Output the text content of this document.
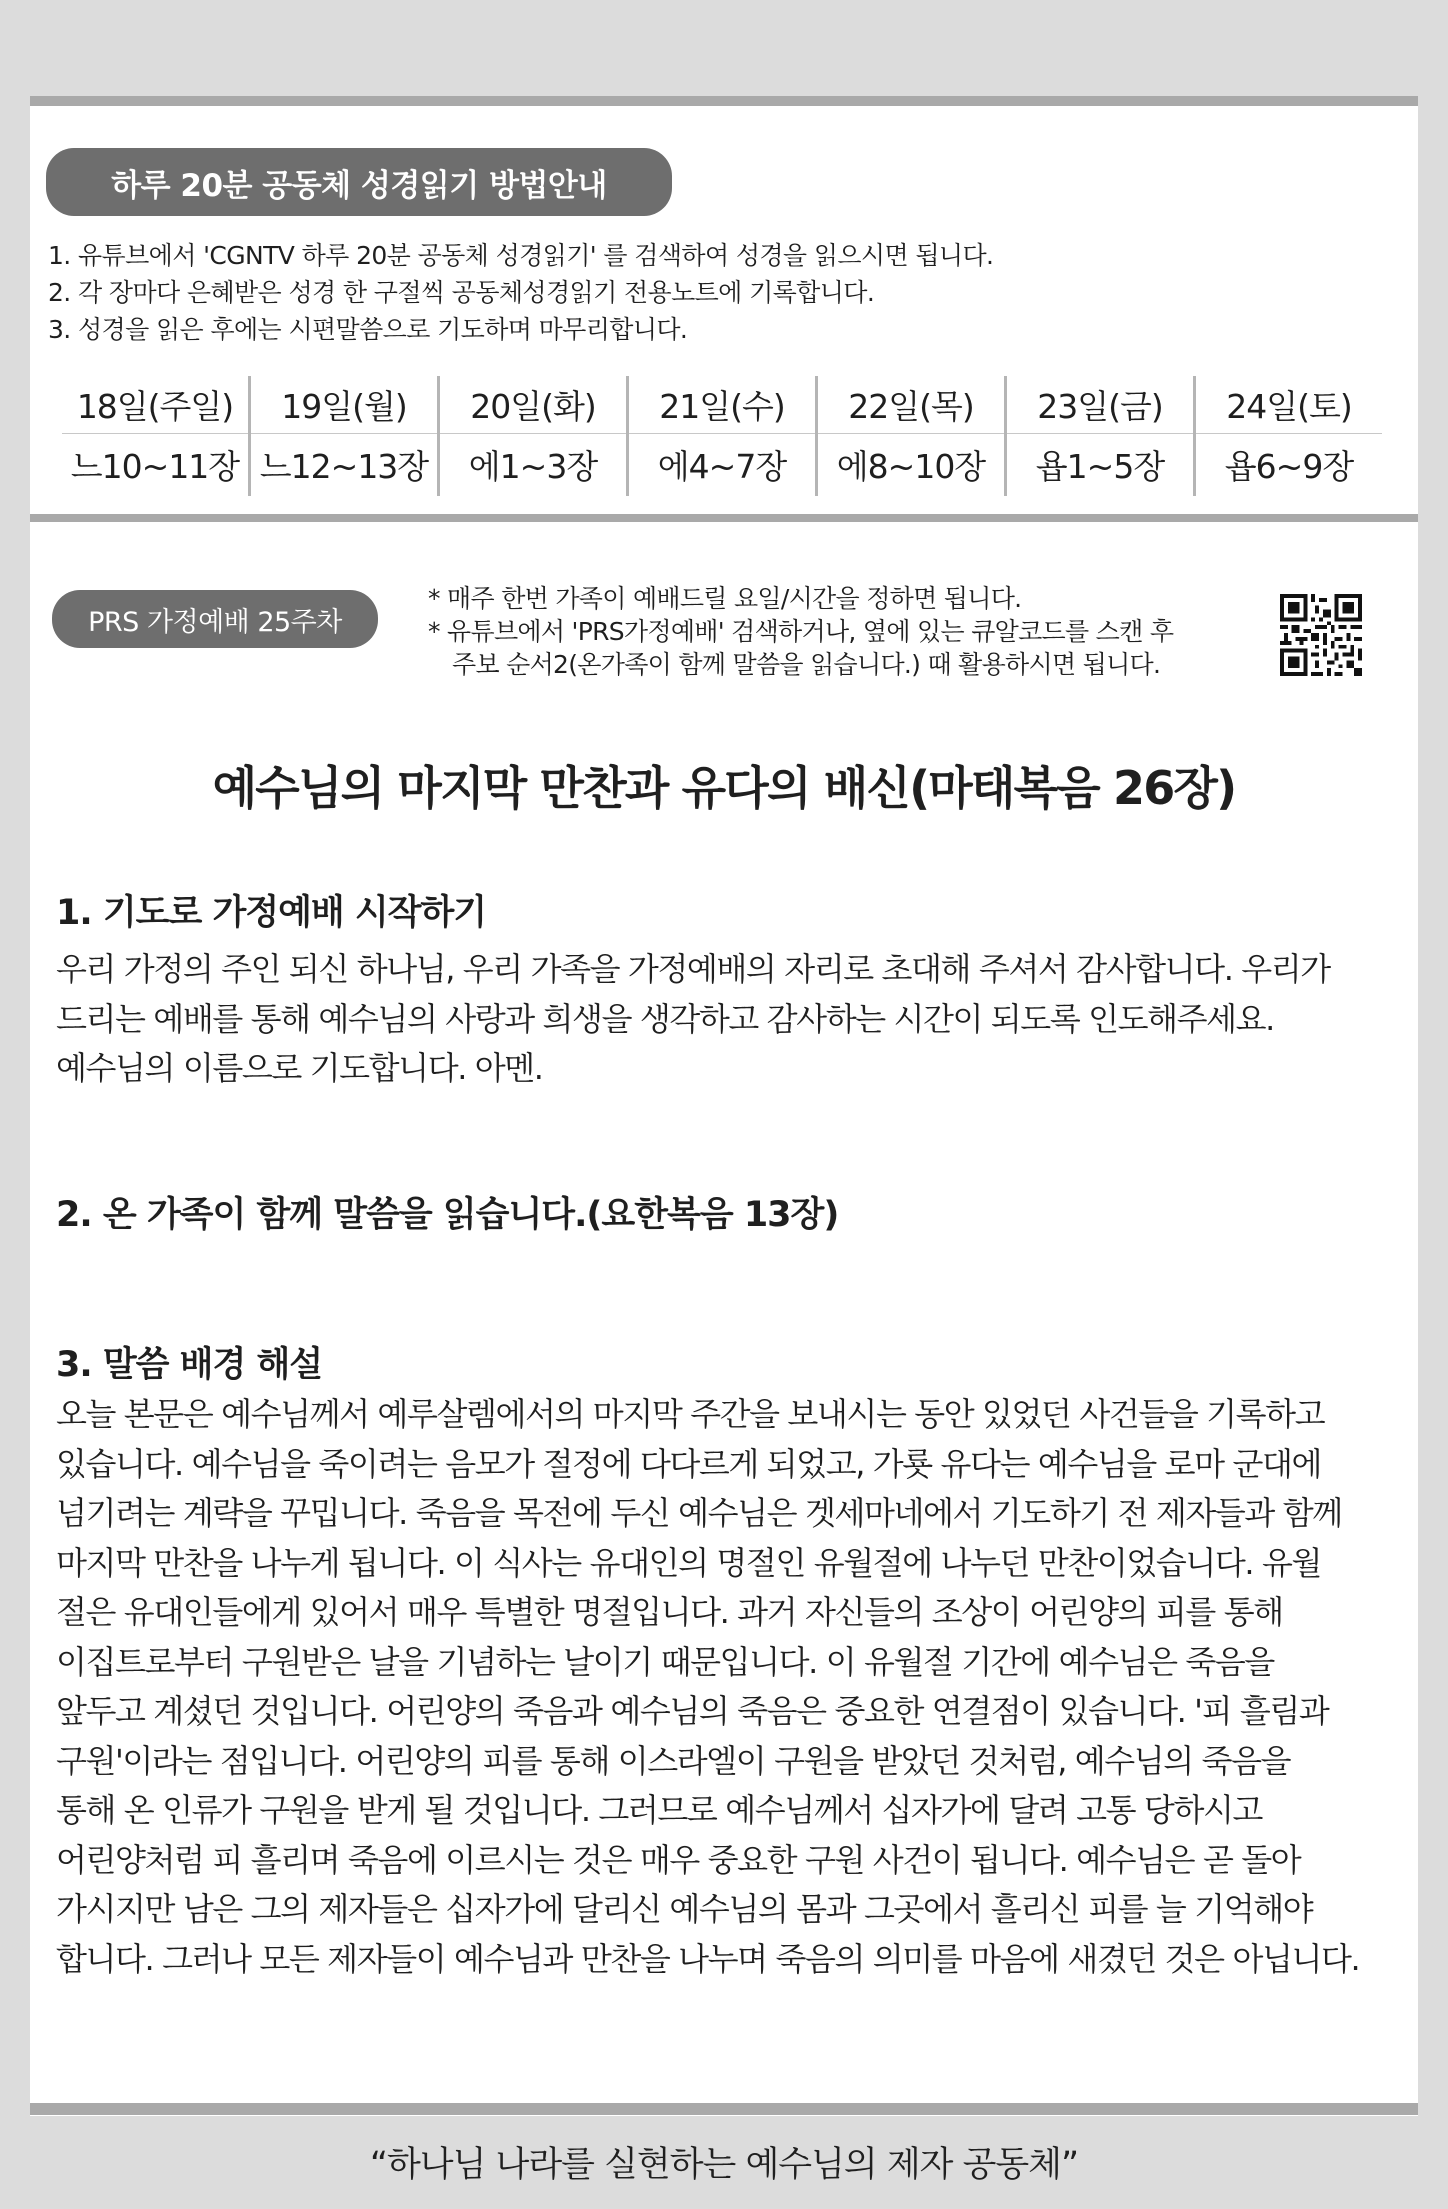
하루 20분 공동체 성경읽기 방법안내
1. 유튜브에서 'CGNTV 하루 20분 공동체 성경읽기' 를 검색하여 성경을 읽으시면 됩니다.
2. 각 장마다 은혜받은 성경 한 구절씩 공동체성경읽기 전용노트에 기록합니다.
3. 성경을 읽은 후에는 시편말씀으로 기도하며 마무리합니다.
18일(주일)
느10~11장
19일(월)
느12~13장
20일(화)
에1~3장
21일(수)
에4~7장
22일(목)
에8~10장
23일(금)
욥1~5장
24일(토)
욥6~9장
PRS 가정예배 25주차
* 매주 한번 가족이 예배드릴 요일/시간을 정하면 됩니다.
* 유튜브에서 'PRS가정예배' 검색하거나, 옆에 있는 큐알코드를 스캔 후
주보 순서2(온가족이 함께 말씀을 읽습니다.) 때 활용하시면 됩니다.
예수님의 마지막 만찬과 유다의 배신(마태복음 26장)
1. 기도로 가정예배 시작하기
우리 가정의 주인 되신 하나님, 우리 가족을 가정예배의 자리로 초대해 주셔서 감사합니다. 우리가
드리는 예배를 통해 예수님의 사랑과 희생을 생각하고 감사하는 시간이 되도록 인도해주세요.
예수님의 이름으로 기도합니다. 아멘.
2. 온 가족이 함께 말씀을 읽습니다.(요한복음 13장)
3. 말씀 배경 해설
오늘 본문은 예수님께서 예루살렘에서의 마지막 주간을 보내시는 동안 있었던 사건들을 기록하고
있습니다. 예수님을 죽이려는 음모가 절정에 다다르게 되었고, 가룟 유다는 예수님을 로마 군대에
넘기려는 계략을 꾸밉니다. 죽음을 목전에 두신 예수님은 겟세마네에서 기도하기 전 제자들과 함께
마지막 만찬을 나누게 됩니다. 이 식사는 유대인의 명절인 유월절에 나누던 만찬이었습니다. 유월
절은 유대인들에게 있어서 매우 특별한 명절입니다. 과거 자신들의 조상이 어린양의 피를 통해
이집트로부터 구원받은 날을 기념하는 날이기 때문입니다. 이 유월절 기간에 예수님은 죽음을
앞두고 계셨던 것입니다. 어린양의 죽음과 예수님의 죽음은 중요한 연결점이 있습니다. '피 흘림과
구원'이라는 점입니다. 어린양의 피를 통해 이스라엘이 구원을 받았던 것처럼, 예수님의 죽음을
통해 온 인류가 구원을 받게 될 것입니다. 그러므로 예수님께서 십자가에 달려 고통 당하시고
어린양처럼 피 흘리며 죽음에 이르시는 것은 매우 중요한 구원 사건이 됩니다. 예수님은 곧 돌아
가시지만 남은 그의 제자들은 십자가에 달리신 예수님의 몸과 그곳에서 흘리신 피를 늘 기억해야
합니다. 그러나 모든 제자들이 예수님과 만찬을 나누며 죽음의 의미를 마음에 새겼던 것은 아닙니다.
“하나님 나라를 실현하는 예수님의 제자 공동체”
